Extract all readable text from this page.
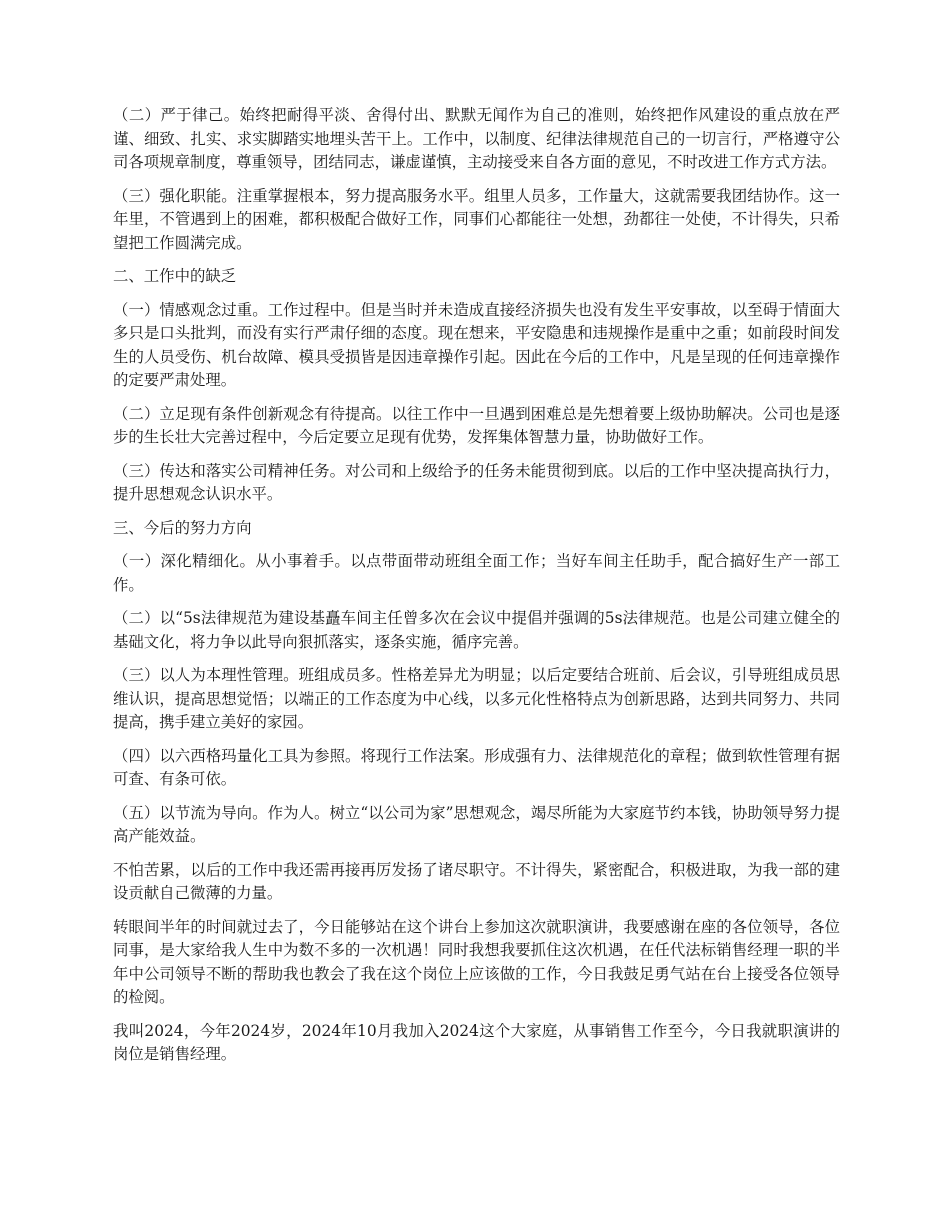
（二）严于律己。始终把耐得平淡、舍得付出、默默无闻作为自己的准则，始终把作风建设的重点放在严谨、细致、扎实、求实脚踏实地埋头苦干上。工作中，以制度、纪律法律规范自己的一切言行，严格遵守公司各项规章制度，尊重领导，团结同志，谦虚谨慎，主动接受来自各方面的意见，不时改进工作方式方法。

（三）强化职能。注重掌握根本，努力提高服务水平。组里人员多，工作量大，这就需要我团结协作。这一年里，不管遇到上的困难，都积极配合做好工作，同事们心都能往一处想，劲都往一处使，不计得失，只希望把工作圆满完成。

二、工作中的缺乏

（一）情感观念过重。工作过程中。但是当时并未造成直接经济损失也没有发生平安事故，以至碍于情面大多只是口头批判，而没有实行严肃仔细的态度。现在想来，平安隐患和违规操作是重中之重；如前段时间发生的人员受伤、机台故障、模具受损皆是因违章操作引起。因此在今后的工作中，凡是呈现的任何违章操作的定要严肃处理。

（二）立足现有条件创新观念有待提高。以往工作中一旦遇到困难总是先想着要上级协助解决。公司也是逐步的生长壮大完善过程中，今后定要立足现有优势，发挥集体智慧力量，协助做好工作。

（三）传达和落实公司精神任务。对公司和上级给予的任务未能贯彻到底。以后的工作中坚决提高执行力，提升思想观念认识水平。

三、今后的努力方向

（一）深化精细化。从小事着手。以点带面带动班组全面工作；当好车间主任助手，配合搞好生产一部工作。

（二）以“5s法律规范为建设基矗车间主任曾多次在会议中提倡并强调的5s法律规范。也是公司建立健全的基础文化，将力争以此导向狠抓落实，逐条实施，循序完善。

（三）以人为本理性管理。班组成员多。性格差异尤为明显；以后定要结合班前、后会议，引导班组成员思维认识，提高思想觉悟；以端正的工作态度为中心线，以多元化性格特点为创新思路，达到共同努力、共同提高，携手建立美好的家园。

（四）以六西格玛量化工具为参照。将现行工作法案。形成强有力、法律规范化的章程；做到软性管理有据可查、有条可依。

（五）以节流为导向。作为人。树立“以公司为家”思想观念，竭尽所能为大家庭节约本钱，协助领导努力提高产能效益。

不怕苦累，以后的工作中我还需再接再厉发扬了诸尽职守。不计得失，紧密配合，积极进取，为我一部的建设贡献自己微薄的力量。

转眼间半年的时间就过去了，今日能够站在这个讲台上参加这次就职演讲，我要感谢在座的各位领导，各位同事，是大家给我人生中为数不多的一次机遇！同时我想我要抓住这次机遇，在任代法标销售经理一职的半年中公司领导不断的帮助我也教会了我在这个岗位上应该做的工作，今日我鼓足勇气站在台上接受各位领导的检阅。

我叫2024，今年2024岁，2024年10月我加入2024这个大家庭，从事销售工作至今，今日我就职演讲的岗位是销售经理。
